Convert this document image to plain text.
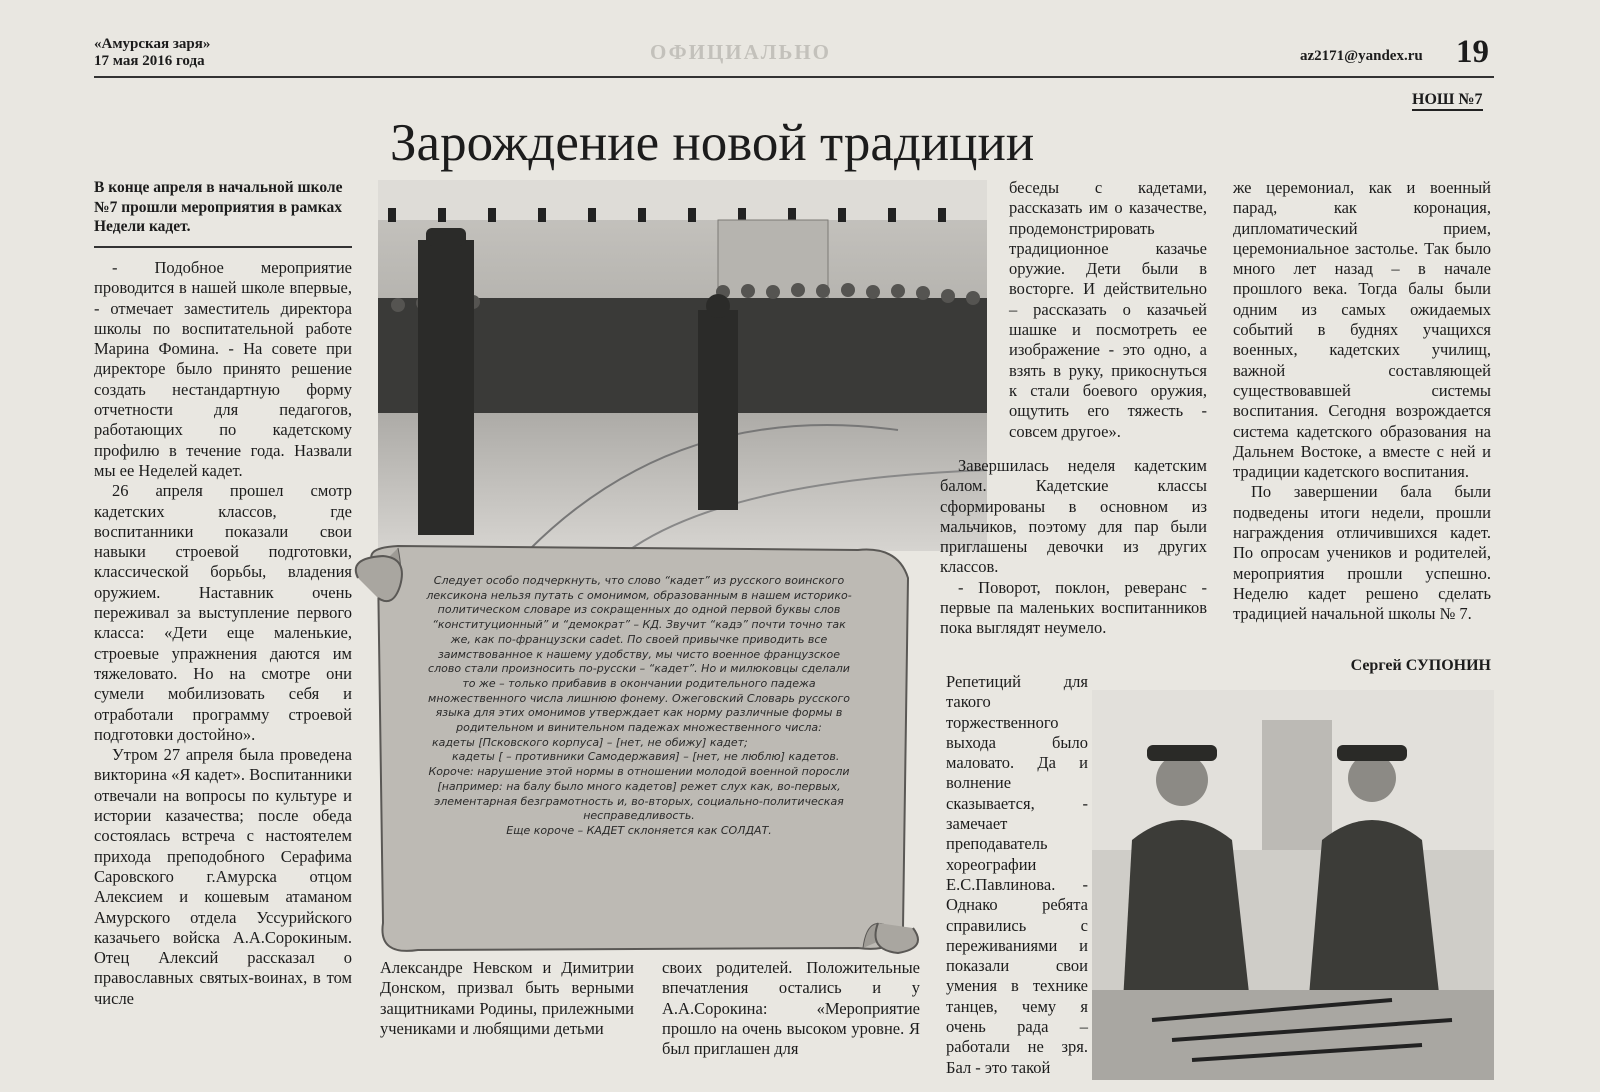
«Амурская заря»
17 мая 2016 года	ОФИЦИАЛЬНО	az2171@yandex.ru 19
НОШ №7
Зарождение новой традиции
В конце апреля в начальной школе №7 прошли мероприятия в рамках Недели кадет.

- Подобное мероприятие проводится в нашей школе впервые, - отмечает заместитель директора школы по воспитательной работе Марина Фомина. - На совете при директоре было принято решение создать нестандартную форму отчетности для педагогов, работающих по кадетскому профилю в течение года. Назвали мы ее Неделей кадет.

26 апреля прошел смотр кадетских классов, где воспитанники показали свои навыки строевой подготовки, классической борьбы, владения оружием. Наставник очень переживал за выступление первого класса: «Дети еще маленькие, строевые упражнения даются им тяжеловато. Но на смотре они сумели мобилизовать себя и отработали программу строевой подготовки достойно».

Утром 27 апреля была проведена викторина «Я кадет». Воспитанники отвечали на вопросы по культуре и истории казачества; после обеда состоялась встреча с настоятелем прихода преподобного Серафима Саровского г.Амурска отцом Алексием и кошевым атаманом Амурского отдела Уссурийского казачьего войска А.А.Сорокиным. Отец Алексий рассказал о православных святых-воинах, в том числе

Следует особо подчеркнуть, что слово “кадет” из русского воинского лексикона нельзя путать с омонимом, образованным в нашем историко-политическом словаре из сокращенных до одной первой буквы слов “конституционный” и “демократ” – КД. Звучит “кадэ” почти точно так же, как по-французски cadet. По своей привычке приводить все заимствованное к нашему удобству, мы чисто военное французское слово стали произносить по-русски – “кадет”. Но и милюковцы сделали то же – только прибавив в окончании родительного падежа множественного числа лишнюю фонему. Ожеговский Словарь русского языка для этих омонимов утверждает как норму различные формы в родительном и винительном падежах множественного числа:
кадеты [Псковского корпуса] – [нет, не обижу] кадет;
кадеты [ – противники Самодержавия] – [нет, не люблю] кадетов.
Короче: нарушение этой нормы в отношении молодой военной поросли [например: на балу было много кадетов] режет слух как, во-первых, элементарная безграмотность и, во-вторых, социально-политическая несправедливость.
Еще короче – КАДЕТ склоняется как СОЛДАТ.

беседы с кадетами, рассказать им о казачестве, продемонстрировать традиционное казачье оружие. Дети были в восторге. И действительно – рассказать о казачьей шашке и посмотреть ее изображение - это одно, а взять в руку, прикоснуться к стали боевого оружия, ощутить его тяжесть - совсем другое».

Завершилась неделя кадетским балом. Кадетские классы сформированы в основном из мальчиков, поэтому для пар были приглашены девочки из других классов.

- Поворот, поклон, реверанс - первые па маленьких воспитанников пока выглядят неумело.

Репетиций для такого торжественного выхода было маловато. Да и волнение сказывается, - замечает преподаватель хореографии Е.С.Павлинова. - Однако ребята справились с переживаниями и показали свои умения в технике танцев, чему я очень рада – работали не зря. Бал - это такой

же церемониал, как и военный парад, как коронация, дипломатический прием, церемониальное застолье. Так было много лет назад – в начале прошлого века. Тогда балы были одним из самых ожидаемых событий в буднях учащихся военных, кадетских училищ, важной составляющей существовавшей системы воспитания. Сегодня возрождается система кадетского образования на Дальнем Востоке, а вместе с ней и традиции кадетского воспитания.

По завершении бала были подведены итоги недели, прошли награждения отличившихся кадет. По опросам учеников и родителей, мероприятия прошли успешно. Неделю кадет решено сделать традицией начальной школы № 7.

Сергей СУПОНИН

Александре Невском и Димитрии Донском, призвал быть верными защитниками Родины, прилежными учениками и любящими детьми

своих родителей. Положительные впечатления остались и у А.А.Сорокина: «Мероприятие прошло на очень высоком уровне. Я был приглашен для
